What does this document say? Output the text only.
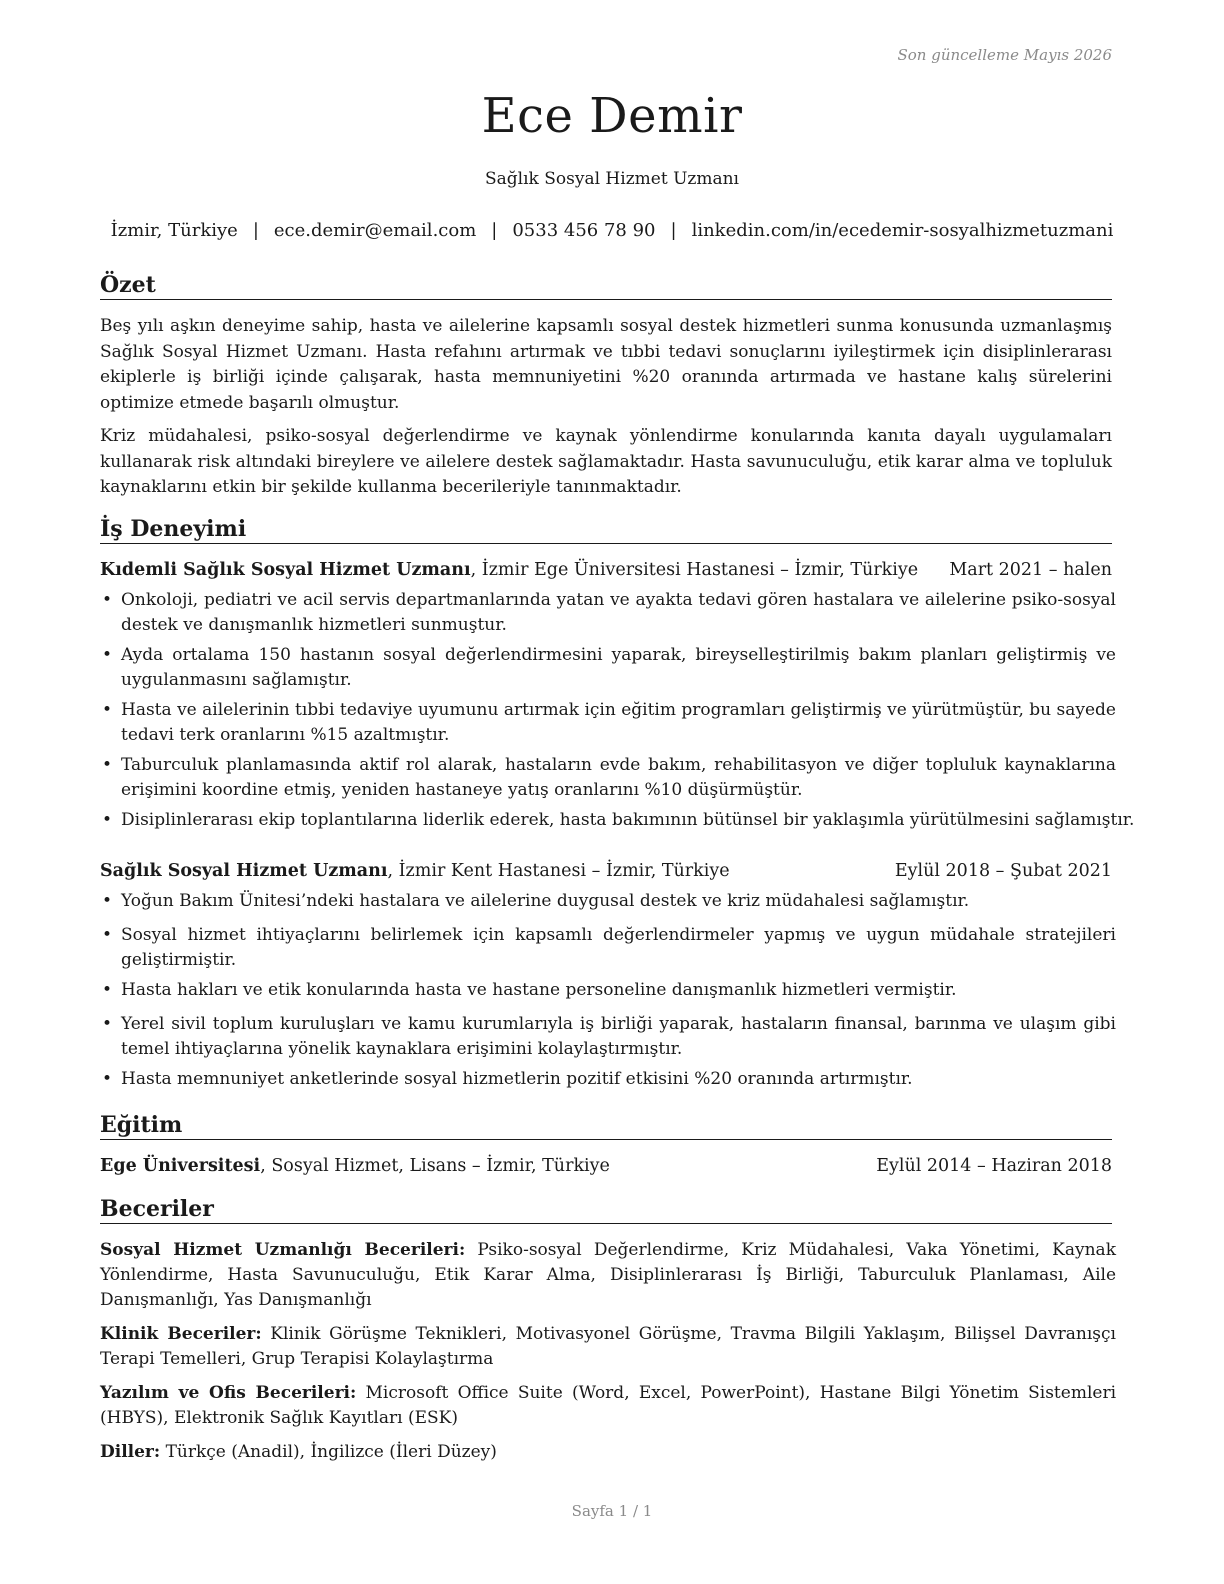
Son güncelleme Mayıs 2026
Ece Demir
Sağlık Sosyal Hizmet Uzmanı
İzmir, Türkiye | ece.demir@email.com | 0533 456 78 90 | linkedin.com/in/ecedemir-sosyalhizmetuzmani
Özet

Beş yılı aşkın deneyime sahip, hasta ve ailelerine kapsamlı sosyal destek hizmetleri sunma konusunda uzmanlaşmış Sağlık Sosyal Hizmet Uzmanı. Hasta refahını artırmak ve tıbbi tedavi sonuçlarını iyileştirmek için disiplinlerarası ekiplerle iş birliği içinde çalışarak, hasta memnuniyetini %20 oranında artırmada ve hastane kalış sürelerini optimize etmede başarılı olmuştur.

Kriz müdahalesi, psiko-sosyal değerlendirme ve kaynak yönlendirme konularında kanıta dayalı uygulamaları kullanarak risk altındaki bireylere ve ailelere destek sağlamaktadır. Hasta savunuculuğu, etik karar alma ve topluluk kaynaklarını etkin bir şekilde kullanma becerileriyle tanınmaktadır.

İş Deneyimi
Kıdemli Sağlık Sosyal Hizmet Uzmanı, İzmir Ege Üniversitesi Hastanesi – İzmir, Türkiye Mart 2021 – halen
• Onkoloji, pediatri ve acil servis departmanlarında yatan ve ayakta tedavi gören hastalara ve ailelerine psiko-sosyal destek ve danışmanlık hizmetleri sunmuştur.
• Ayda ortalama 150 hastanın sosyal değerlendirmesini yaparak, bireyselleştirilmiş bakım planları geliştirmiş ve uygulanmasını sağlamıştır.
• Hasta ve ailelerinin tıbbi tedaviye uyumunu artırmak için eğitim programları geliştirmiş ve yürütmüştür, bu sayede tedavi terk oranlarını %15 azaltmıştır.
• Taburculuk planlamasında aktif rol alarak, hastaların evde bakım, rehabilitasyon ve diğer topluluk kaynaklarına erişimini koordine etmiş, yeniden hastaneye yatış oranlarını %10 düşürmüştür.
• Disiplinlerarası ekip toplantılarına liderlik ederek, hasta bakımının bütünsel bir yaklaşımla yürütülmesini sağlamıştır.
Sağlık Sosyal Hizmet Uzmanı, İzmir Kent Hastanesi – İzmir, Türkiye	Eylül 2018 – Şubat 2021
• Yoğun Bakım Ünitesi’ndeki hastalara ve ailelerine duygusal destek ve kriz müdahalesi sağlamıştır.
• Sosyal hizmet ihtiyaçlarını belirlemek için kapsamlı değerlendirmeler yapmış ve uygun müdahale stratejileri geliştirmiştir.
• Hasta hakları ve etik konularında hasta ve hastane personeline danışmanlık hizmetleri vermiştir.
• Yerel sivil toplum kuruluşları ve kamu kurumlarıyla iş birliği yaparak, hastaların finansal, barınma ve ulaşım gibi temel ihtiyaçlarına yönelik kaynaklara erişimini kolaylaştırmıştır.
• Hasta memnuniyet anketlerinde sosyal hizmetlerin pozitif etkisini %20 oranında artırmıştır.
Eğitim
Ege Üniversitesi, Sosyal Hizmet, Lisans – İzmir, Türkiye	Eylül 2014 – Haziran 2018
Beceriler

Sosyal Hizmet Uzmanlığı Becerileri: Psiko-sosyal Değerlendirme, Kriz Müdahalesi, Vaka Yönetimi, Kaynak Yönlendirme, Hasta Savunuculuğu, Etik Karar Alma, Disiplinlerarası İş Birliği, Taburculuk Planlaması, Aile Danışmanlığı, Yas Danışmanlığı

Klinik Beceriler: Klinik Görüşme Teknikleri, Motivasyonel Görüşme, Travma Bilgili Yaklaşım, Bilişsel Davranışçı Terapi Temelleri, Grup Terapisi Kolaylaştırma

Yazılım ve Ofis Becerileri: Microsoft Office Suite (Word, Excel, PowerPoint), Hastane Bilgi Yönetim Sistemleri (HBYS), Elektronik Sağlık Kayıtları (ESK)

Diller: Türkçe (Anadil), İngilizce (İleri Düzey)

Sayfa 1 / 1
